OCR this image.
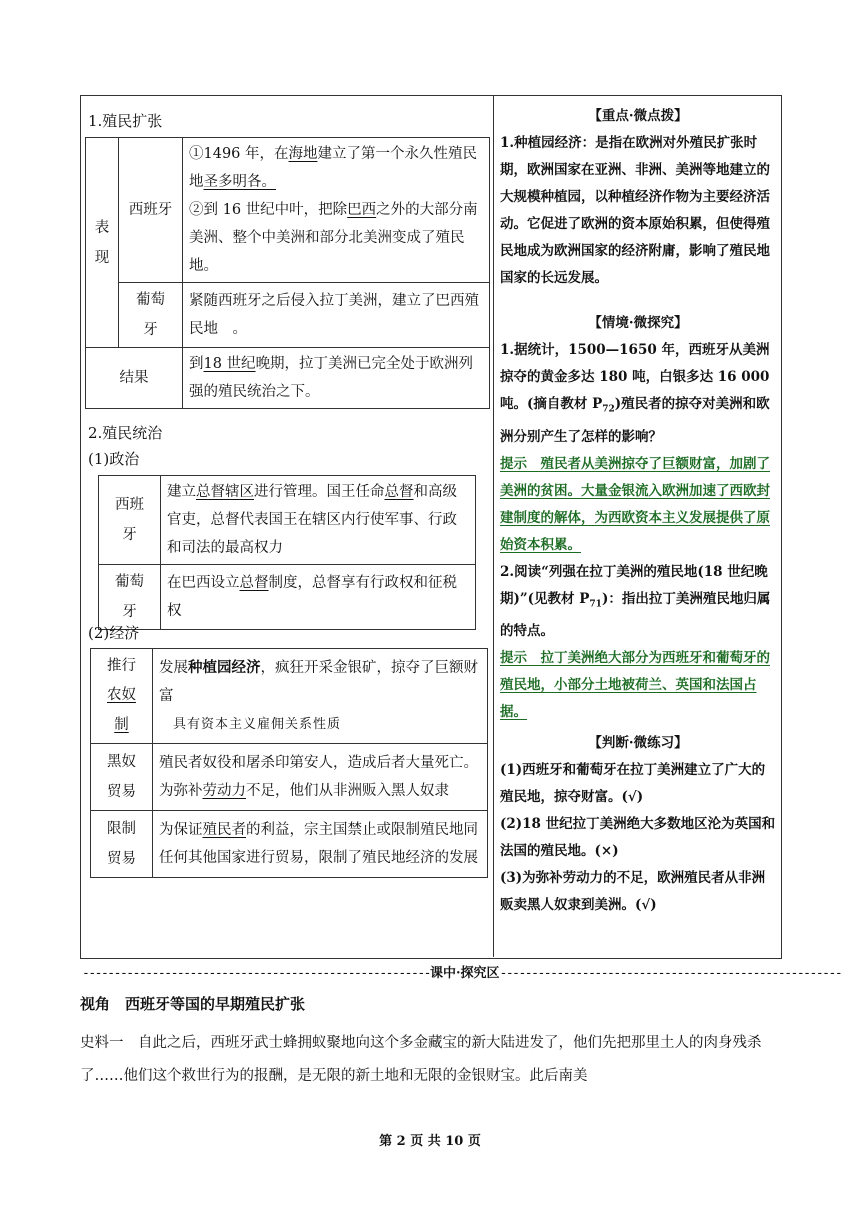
1.殖民扩张
表现	西班牙	①1496 年，在海地建立了第一个永久性殖民地圣多明各。
②到 16 世纪中叶，把除巴西之外的大部分南美洲、整个中美洲和部分北美洲变成了殖民地。
	葡萄牙	紧随西班牙之后侵入拉丁美洲，建立了巴西殖民地  。
结果		到18 世纪晚期，拉丁美洲已完全处于欧洲列强的殖民统治之下。
2.殖民统治
(1)政治
西班牙	建立总督辖区进行管理。国王任命总督和高级官吏，总督代表国王在辖区内行使军事、行政和司法的最高权力
葡萄牙	在巴西设立总督制度，总督享有行政权和征税权
(2)经济
推行
农奴制	发展种植园经济，疯狂开采金银矿，掠夺了巨额财富
具有资本主义雇佣关系性质
黑奴贸易	殖民者奴役和屠杀印第安人，造成后者大量死亡。为弥补劳动力不足，他们从非洲贩入黑人奴隶
限制贸易	为保证殖民者的利益，宗主国禁止或限制殖民地同任何其他国家进行贸易，限制了殖民地经济的发展
【重点·微点拨】
1.种植园经济：是指在欧洲对外殖民扩张时期，欧洲国家在亚洲、非洲、美洲等地建立的大规模种植园，以种植经济作物为主要经济活动。它促进了欧洲的资本原始积累，但使得殖民地成为欧洲国家的经济附庸，影响了殖民地国家的长远发展。
【情境·微探究】
1.据统计，1500—1650 年，西班牙从美洲掠夺的黄金多达 180 吨，白银多达 16 000 吨。(摘自教材 $P_{72}$)殖民者的掠夺对美洲和欧洲分别产生了怎样的影响？
提示　殖民者从美洲掠夺了巨额财富，加剧了美洲的贫困。大量金银流入欧洲加速了西欧封建制度的解体，为西欧资本主义发展提供了原始资本积累。
2.阅读“列强在拉丁美洲的殖民地(18 世纪晚期)”(见教材 $P_{71}$)：指出拉丁美洲殖民地归属的特点。
提示　拉丁美洲绝大部分为西班牙和葡萄牙的殖民地，小部分土地被荷兰、英国和法国占据。
【判断·微练习】
(1)西班牙和葡萄牙在拉丁美洲建立了广大的殖民地，掠夺财富。(√)
(2)18 世纪拉丁美洲绝大多数地区沦为英国和法国的殖民地。(×)
(3)为弥补劳动力的不足，欧洲殖民者从非洲贩卖黑人奴隶到美洲。(√)
-------------------------------------------------------课中·探究区------------------------------------------------------
视角　西班牙等国的早期殖民扩张
史料一　自此之后，西班牙武士蜂拥蚁聚地向这个多金藏宝的新大陆进发了，他们先把那里土人的肉身残杀了……他们这个救世行为的报酬，是无限的新土地和无限的金银财宝。此后南美
第 2 页 共 10 页
